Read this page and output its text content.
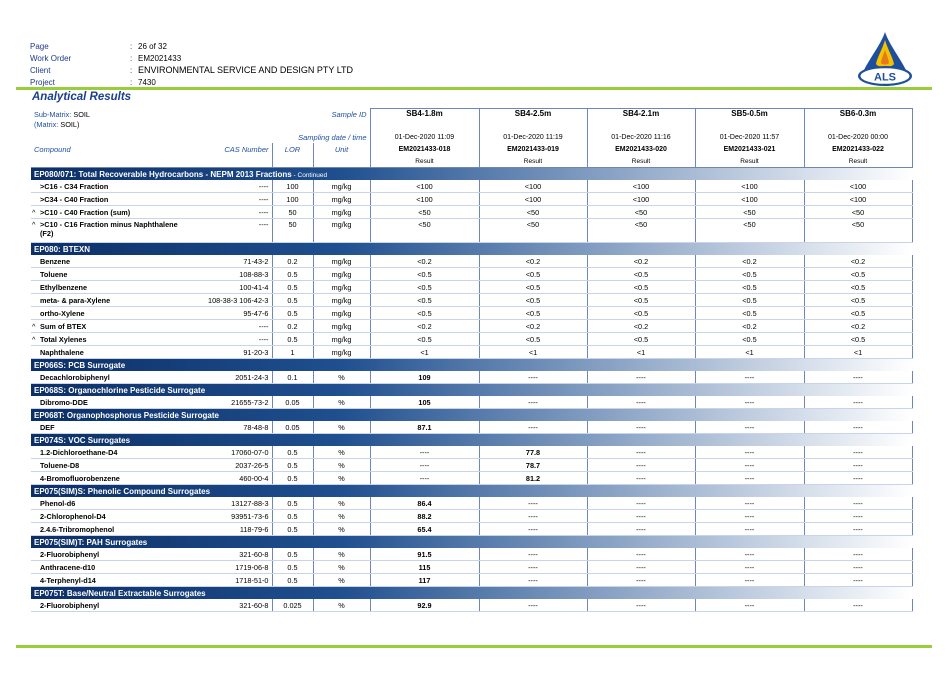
Page	: 26 of 32
Work Order	: EM2021433
Client	: ENVIRONMENTAL SERVICE AND DESIGN PTY LTD
Project	: 7430	ALS
Analytical Results
Sub-Matrix: SOIL
(Matrix: SOIL)			Sample ID	SB4-1.8m	SB4-2.5m	SB4-2.1m	SB5-0.5m	SB6-0.3m
	Sampling date / time			01-Dec-2020 11:09	01-Dec-2020 11:19	01-Dec-2020 11:16	01-Dec-2020 11:57	01-Dec-2020 00:00
Compound	CAS Number	LOR	Unit	EM2021433-018	EM2021433-019	EM2021433-020	EM2021433-021	EM2021433-022
				Result	Result	Result	Result	Result
EP080/071: Total Recoverable Hydrocarbons - NEPM 2013 Fractions - Continued								
>C16 - C34 Fraction	----	100	mg/kg	<100	<100	<100	<100	<100
>C34 - C40 Fraction	----	100	mg/kg	<100	<100	<100	<100	<100
^ >C10 - C40 Fraction (sum)	----	50	mg/kg	<50	<50	<50	<50	<50
^ >C10 - C16 Fraction minus Naphthalene
(F2)	----	50	mg/kg	<50	<50	<50	<50	<50
EP080: BTEXN								
Benzene	71-43-2	0.2	mg/kg	<0.2	<0.2	<0.2	<0.2	<0.2
Toluene	108-88-3	0.5	mg/kg	<0.5	<0.5	<0.5	<0.5	<0.5
Ethylbenzene	100-41-4	0.5	mg/kg	<0.5	<0.5	<0.5	<0.5	<0.5
meta- & para-Xylene	108-38-3 106-42-3	0.5	mg/kg	<0.5	<0.5	<0.5	<0.5	<0.5
ortho-Xylene	95-47-6	0.5	mg/kg	<0.5	<0.5	<0.5	<0.5	<0.5
^ Sum of BTEX	----	0.2	mg/kg	<0.2	<0.2	<0.2	<0.2	<0.2
^ Total Xylenes	----	0.5	mg/kg	<0.5	<0.5	<0.5	<0.5	<0.5
Naphthalene	91-20-3	1	mg/kg	<1	<1	<1	<1	<1
EP066S: PCB Surrogate								
Decachlorobiphenyl	2051-24-3	0.1	%	109	----	----	----	----
EP068S: Organochlorine Pesticide Surrogate								
Dibromo-DDE	21655-73-2	0.05	%	105	----	----	----	----
EP068T: Organophosphorus Pesticide Surrogate								
DEF	78-48-8	0.05	%	87.1	----	----	----	----
EP074S: VOC Surrogates								
1.2-Dichloroethane-D4	17060-07-0	0.5	%	----	77.8	----	----	----
Toluene-D8	2037-26-5	0.5	%	----	78.7	----	----	----
4-Bromofluorobenzene	460-00-4	0.5	%	----	81.2	----	----	----
EP075(SIM)S: Phenolic Compound Surrogates								
Phenol-d6	13127-88-3	0.5	%	86.4	----	----	----	----
2-Chlorophenol-D4	93951-73-6	0.5	%	88.2	----	----	----	----
2.4.6-Tribromophenol	118-79-6	0.5	%	65.4	----	----	----	----
EP075(SIM)T: PAH Surrogates								
2-Fluorobiphenyl	321-60-8	0.5	%	91.5	----	----	----	----
Anthracene-d10	1719-06-8	0.5	%	115	----	----	----	----
4-Terphenyl-d14	1718-51-0	0.5	%	117	----	----	----	----
EP075T: Base/Neutral Extractable Surrogates								
2-Fluorobiphenyl	321-60-8	0.025	%	92.9	----	----	----	----
